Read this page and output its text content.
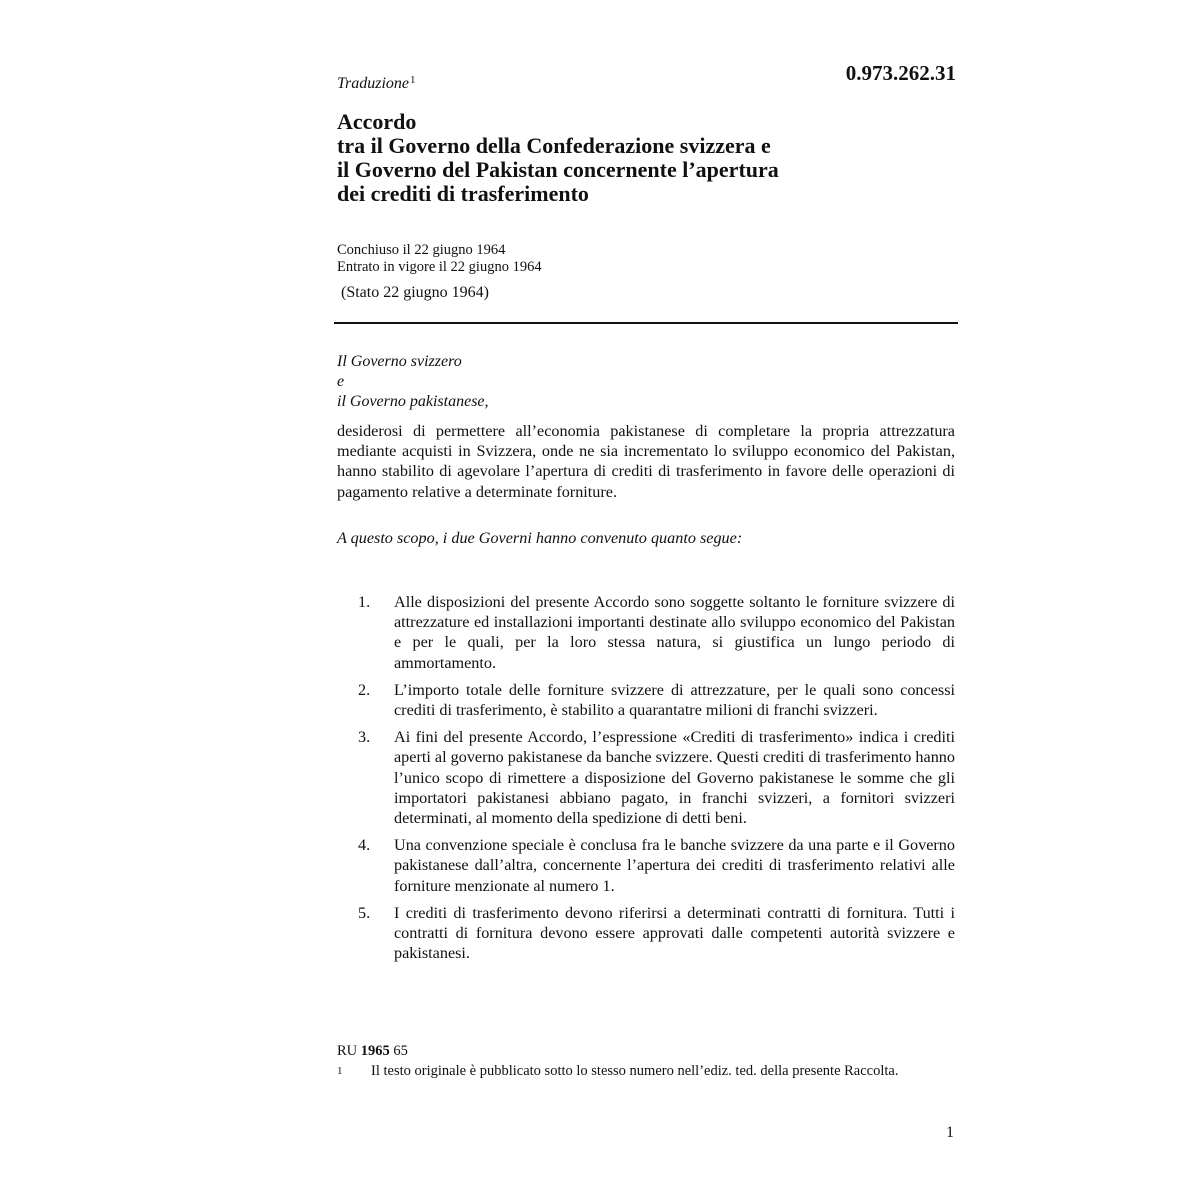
Traduzione$^1$	0.973.262.31
Accordo
tra il Governo della Confederazione svizzera e
il Governo del Pakistan concernente l’apertura
dei crediti di trasferimento
Conchiuso il 22 giugno 1964
Entrato in vigore il 22 giugno 1964
(Stato 22 giugno 1964)
Il Governo svizzero
e
il Governo pakistanese,
desiderosi di permettere all’economia pakistanese di completare la propria attrezzatura mediante acquisti in Svizzera, onde ne sia incrementato lo sviluppo economico del Pakistan, hanno stabilito di agevolare l’apertura di crediti di trasferimento in favore delle operazioni di pagamento relative a determinate forniture.
A questo scopo, i due Governi hanno convenuto quanto segue:
1.	Alle disposizioni del presente Accordo sono soggette soltanto le forniture svizzere di attrezzature ed installazioni importanti destinate allo sviluppo economico del Pakistan e per le quali, per la loro stessa natura, si giustifica un lungo periodo di ammortamento.
2.	L’importo totale delle forniture svizzere di attrezzature, per le quali sono concessi crediti di trasferimento, è stabilito a quarantatre milioni di franchi svizzeri.
3.	Ai fini del presente Accordo, l’espressione «Crediti di trasferimento» indica i crediti aperti al governo pakistanese da banche svizzere. Questi crediti di trasferimento hanno l’unico scopo di rimettere a disposizione del Governo pakistanese le somme che gli importatori pakistanesi abbiano pagato, in franchi svizzeri, a fornitori svizzeri determinati, al momento della spedizione di detti beni.
4.	Una convenzione speciale è conclusa fra le banche svizzere da una parte e il Governo pakistanese dall’altra, concernente l’apertura dei crediti di trasferimento relativi alle forniture menzionate al numero 1.
5.	I crediti di trasferimento devono riferirsi a determinati contratti di fornitura. Tutti i contratti di fornitura devono essere approvati dalle competenti autorità svizzere e pakistanesi.
RU 1965 65
1	Il testo originale è pubblicato sotto lo stesso numero nell’ediz. ted. della presente Raccolta.
1
